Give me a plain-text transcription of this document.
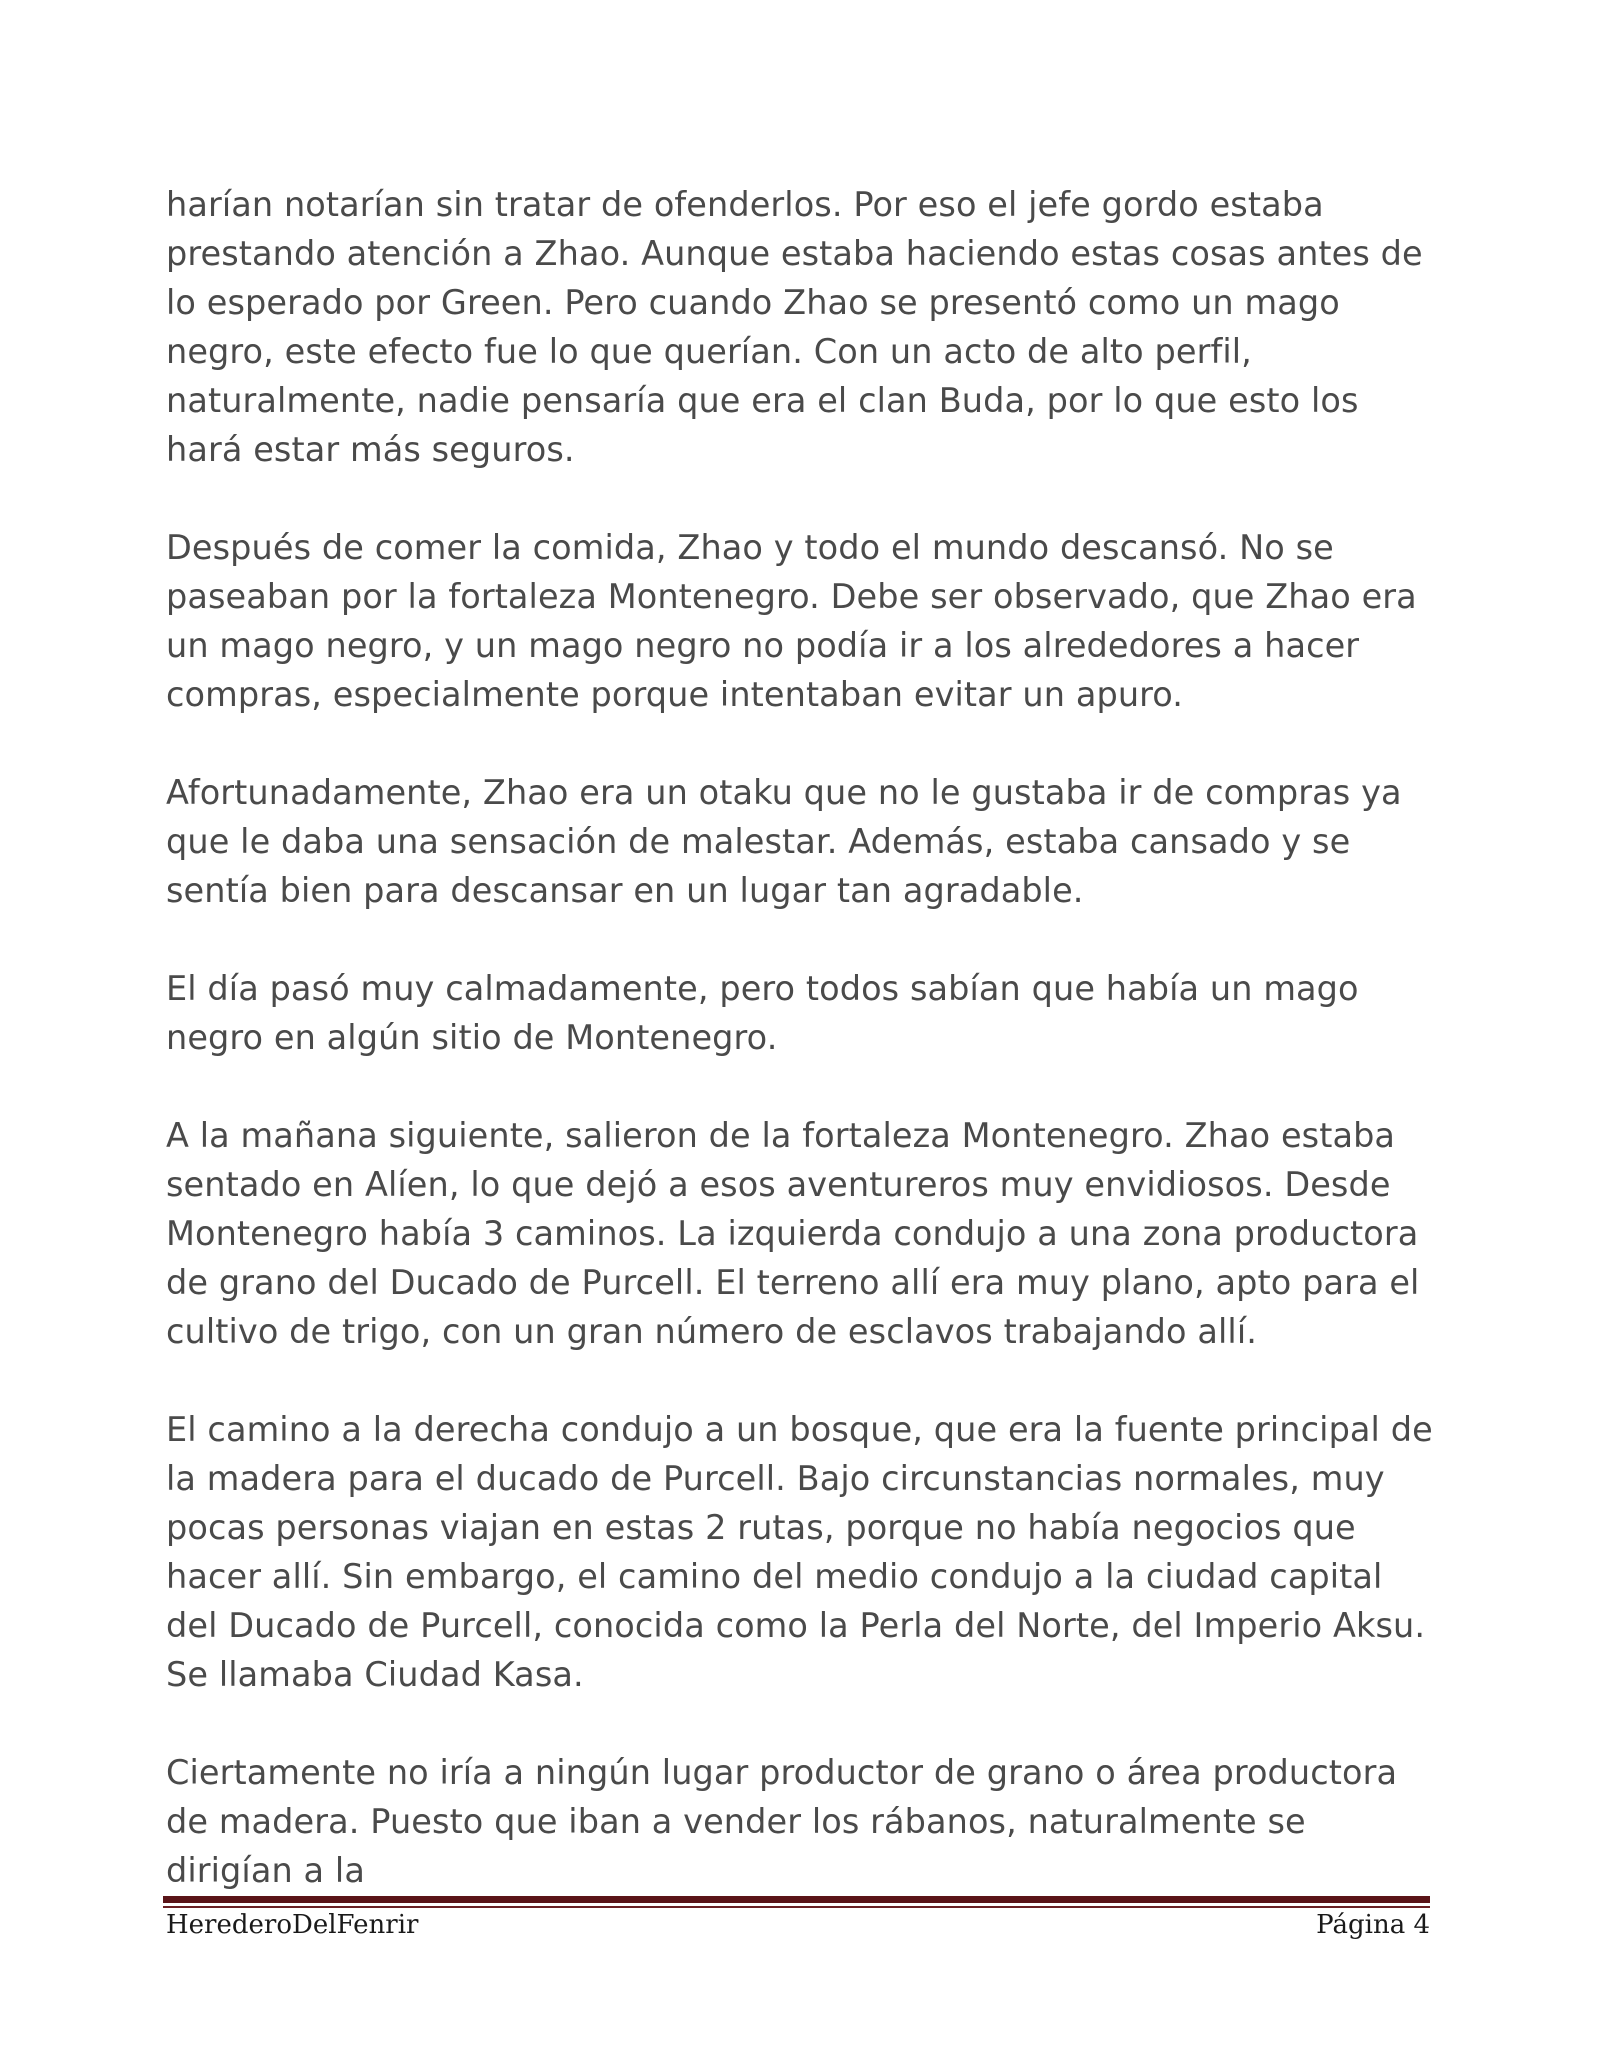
harían notarían sin tratar de ofenderlos. Por eso el jefe gordo estaba prestando atención a Zhao. Aunque estaba haciendo estas cosas antes de lo esperado por Green. Pero cuando Zhao se presentó como un mago negro, este efecto fue lo que querían. Con un acto de alto perfil, naturalmente, nadie pensaría que era el clan Buda, por lo que esto los hará estar más seguros.

Después de comer la comida, Zhao y todo el mundo descansó. No se paseaban por la fortaleza Montenegro. Debe ser observado, que Zhao era un mago negro, y un mago negro no podía ir a los alrededores a hacer compras, especialmente porque intentaban evitar un apuro.

Afortunadamente, Zhao era un otaku que no le gustaba ir de compras ya que le daba una sensación de malestar. Además, estaba cansado y se sentía bien para descansar en un lugar tan agradable.

El día pasó muy calmadamente, pero todos sabían que había un mago negro en algún sitio de Montenegro.

A la mañana siguiente, salieron de la fortaleza Montenegro. Zhao estaba sentado en Alíen, lo que dejó a esos aventureros muy envidiosos. Desde Montenegro había 3 caminos. La izquierda condujo a una zona productora de grano del Ducado de Purcell. El terreno allí era muy plano, apto para el cultivo de trigo, con un gran número de esclavos trabajando allí.

El camino a la derecha condujo a un bosque, que era la fuente principal de la madera para el ducado de Purcell. Bajo circunstancias normales, muy pocas personas viajan en estas 2 rutas, porque no había negocios que hacer allí. Sin embargo, el camino del medio condujo a la ciudad capital del Ducado de Purcell, conocida como la Perla del Norte, del Imperio Aksu. Se llamaba Ciudad Kasa.

Ciertamente no iría a ningún lugar productor de grano o área productora de madera. Puesto que iban a vender los rábanos, naturalmente se dirigían a la

HerederoDelFenrir	Página 4
